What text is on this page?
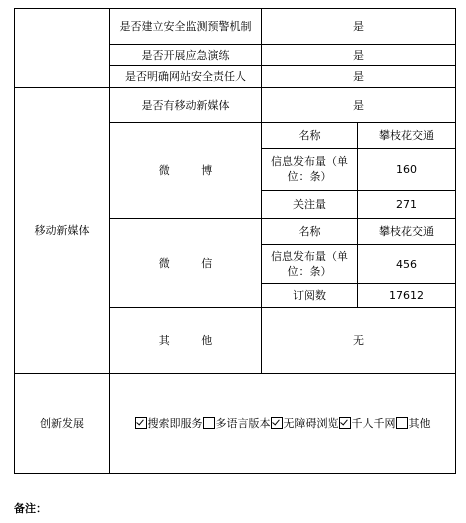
	是否建立安全监测预警机制	是	
	是否开展应急演练	是	
	是否明确网站安全责任人	是	
移动新媒体	是否有移动新媒体	是	
	微 博	名称	攀枝花交通
		信息发布量（单位：条）	160
		关注量	271
	微 信	名称	攀枝花交通
		信息发布量（单位：条）	456
		订阅数	17612
	其 他	无	
创新发展	搜索即服务 多语言版本 无障碍浏览 千人千网 其他		
备注：
